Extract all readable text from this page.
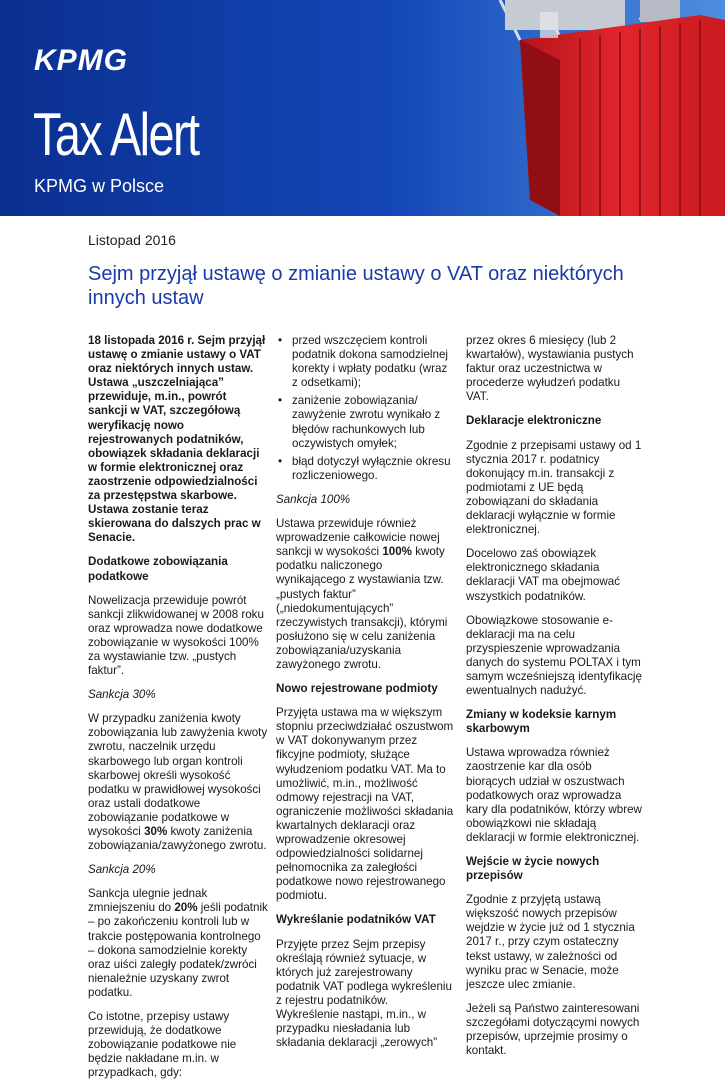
KPMG
Tax Alert
KPMG w Polsce
Listopad 2016
Sejm przyjął ustawę o zmianie ustawy o VAT oraz niektórych innych ustaw

18 listopada 2016 r. Sejm przyjął ustawę o zmianie ustawy o VAT oraz niektórych innych ustaw. Ustawa „uszczelniająca” przewiduje, m.in., powrót sankcji w VAT, szczegółową weryfikację nowo rejestrowanych podatników, obowiązek składania deklaracji w formie elektronicznej oraz zaostrzenie odpowiedzialności za przestępstwa skarbowe. Ustawa zostanie teraz skierowana do dalszych prac w Senacie.

Dodatkowe zobowiązania podatkowe

Nowelizacja przewiduje powrót sankcji zlikwidowanej w 2008 roku oraz wprowadza nowe dodatkowe zobowiązanie w wysokości 100% za wystawianie tzw. „pustych faktur”.

Sankcja 30%

W przypadku zaniżenia kwoty zobowiązania lub zawyżenia kwoty zwrotu, naczelnik urzędu skarbowego lub organ kontroli skarbowej określi wysokość podatku w prawidłowej wysokości oraz ustali dodatkowe zobowiązanie podatkowe w wysokości 30% kwoty zaniżenia zobowiązania/zawyżonego zwrotu.

Sankcja 20%

Sankcja ulegnie jednak zmniejszeniu do 20% jeśli podatnik – po zakończeniu kontroli lub w trakcie postępowania kontrolnego – dokona samodzielnie korekty oraz uiści zaległy podatek/zwróci nienależnie uzyskany zwrot podatku.

Co istotne, przepisy ustawy przewidują, że dodatkowe zobowiązanie podatkowe nie będzie nakładane m.in. w przypadkach, gdy:

• przed wszczęciem kontroli podatnik dokona samodzielnej korekty i wpłaty podatku (wraz z odsetkami);
• zaniżenie zobowiązania/ zawyżenie zwrotu wynikało z błędów rachunkowych lub oczywistych omyłek;
• błąd dotyczył wyłącznie okresu rozliczeniowego.

Sankcja 100%

Ustawa przewiduje również wprowadzenie całkowicie nowej sankcji w wysokości 100% kwoty podatku naliczonego wynikającego z wystawiania tzw. „pustych faktur” („niedokumentujących” rzeczywistych transakcji), którymi posłużono się w celu zaniżenia zobowiązania/uzyskania zawyżonego zwrotu.

Nowo rejestrowane podmioty

Przyjęta ustawa ma w większym stopniu przeciwdziałać oszustwom w VAT dokonywanym przez fikcyjne podmioty, służące wyłudzeniom podatku VAT. Ma to umożliwić, m.in., możliwość odmowy rejestracji na VAT, ograniczenie możliwości składania kwartalnych deklaracji oraz wprowadzenie okresowej odpowiedzialności solidarnej pełnomocnika za zaległości podatkowe nowo rejestrowanego podmiotu.

Wykreślanie podatników VAT

Przyjęte przez Sejm przepisy określają również sytuacje, w których już zarejestrowany podatnik VAT podlega wykreśleniu z rejestru podatników. Wykreślenie nastąpi, m.in., w przypadku niesładania lub składania deklaracji „zerowych”

przez okres 6 miesięcy (lub 2 kwartałów), wystawiania pustych faktur oraz uczestnictwa w procederze wyłudzeń podatku VAT.

Deklaracje elektroniczne

Zgodnie z przepisami ustawy od 1 stycznia 2017 r. podatnicy dokonujący m.in. transakcji z podmiotami z UE będą zobowiązani do składania deklaracji wyłącznie w formie elektronicznej.

Docelowo zaś obowiązek elektronicznego składania deklaracji VAT ma obejmować wszystkich podatników.

Obowiązkowe stosowanie e-deklaracji ma na celu przyspieszenie wprowadzania danych do systemu POLTAX i tym samym wcześniejszą identyfikację ewentualnych nadużyć.

Zmiany w kodeksie karnym skarbowym

Ustawa wprowadza również zaostrzenie kar dla osób biorących udział w oszustwach podatkowych oraz wprowadza kary dla podatników, którzy wbrew obowiązkowi nie składają deklaracji w formie elektronicznej.

Wejście w życie nowych przepisów

Zgodnie z przyjętą ustawą większość nowych przepisów wejdzie w życie już od 1 stycznia 2017 r., przy czym ostateczny tekst ustawy, w zależności od wyniku prac w Senacie, może jeszcze ulec zmianie.

Jeżeli są Państwo zainteresowani szczegółami dotyczącymi nowych przepisów, uprzejmie prosimy o kontakt.
